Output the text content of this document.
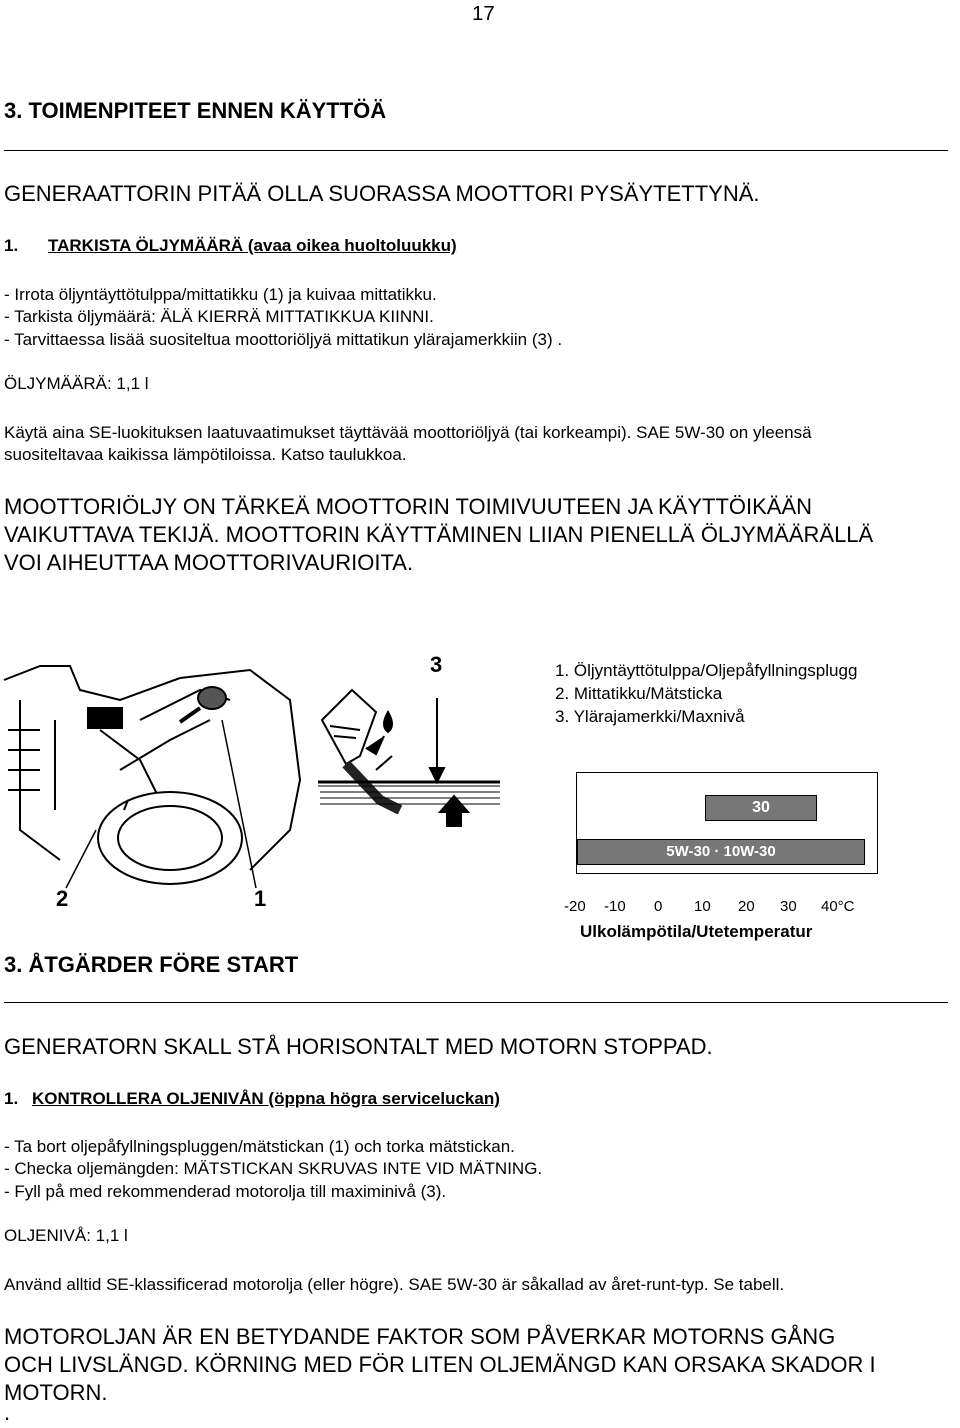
17
3. TOIMENPITEET ENNEN KÄYTTÖÄ
GENERAATTORIN PITÄÄ OLLA SUORASSA MOOTTORI PYSÄYTETTYNÄ.
1. TARKISTA ÖLJYMÄÄRÄ (avaa oikea huoltoluukku)
- Irrota öljyntäyttötulppa/mittatikku (1) ja kuivaa mittatikku.
- Tarkista öljymäärä: ÄLÄ KIERRÄ MITTATIKKUA KIINNI.
- Tarvittaessa lisää suositeltua moottoriöljyä mittatikun ylärajamerkkiin (3) .
ÖLJYMÄÄRÄ: 1,1 l
Käytä aina SE-luokituksen laatuvaatimukset täyttävää moottoriöljyä (tai korkeampi). SAE 5W-30 on yleensä
suositeltavaa kaikissa lämpötiloissa. Katso taulukkoa.
MOOTTORIÖLJY ON TÄRKEÄ MOOTTORIN TOIMIVUUTEEN JA KÄYTTÖIKÄÄN
VAIKUTTAVA TEKIJÄ. MOOTTORIN KÄYTTÄMINEN LIIAN PIENELLÄ ÖLJYMÄÄRÄLLÄ
VOI AIHEUTTAA MOOTTORIVAURIOITA.
3
2	1
1. Öljyntäyttötulppa/Oljepåfyllningsplugg
2. Mittatikku/Mätsticka
3. Ylärajamerkki/Maxnivå
30
5W-30 · 10W-30
-20 -10 0 10 20 30 40°C
Ulkolämpötila/Utetemperatur
3. ÅTGÄRDER FÖRE START
GENERATORN SKALL STÅ HORISONTALT MED MOTORN STOPPAD.
1. KONTROLLERA OLJENIVÅN (öppna högra serviceluckan)
- Ta bort oljepåfyllningspluggen/mätstickan (1) och torka mätstickan.
- Checka oljemängden: MÄTSTICKAN SKRUVAS INTE VID MÄTNING.
- Fyll på med rekommenderad motorolja till maximinivå (3).
OLJENIVÅ: 1,1 l
Använd alltid SE-klassificerad motorolja (eller högre). SAE 5W-30 är såkallad av året-runt-typ. Se tabell.
MOTOROLJAN ÄR EN BETYDANDE FAKTOR SOM PÅVERKAR MOTORNS GÅNG
OCH LIVSLÄNGD. KÖRNING MED FÖR LITEN OLJEMÄNGD KAN ORSAKA SKADOR I
MOTORN.
.
